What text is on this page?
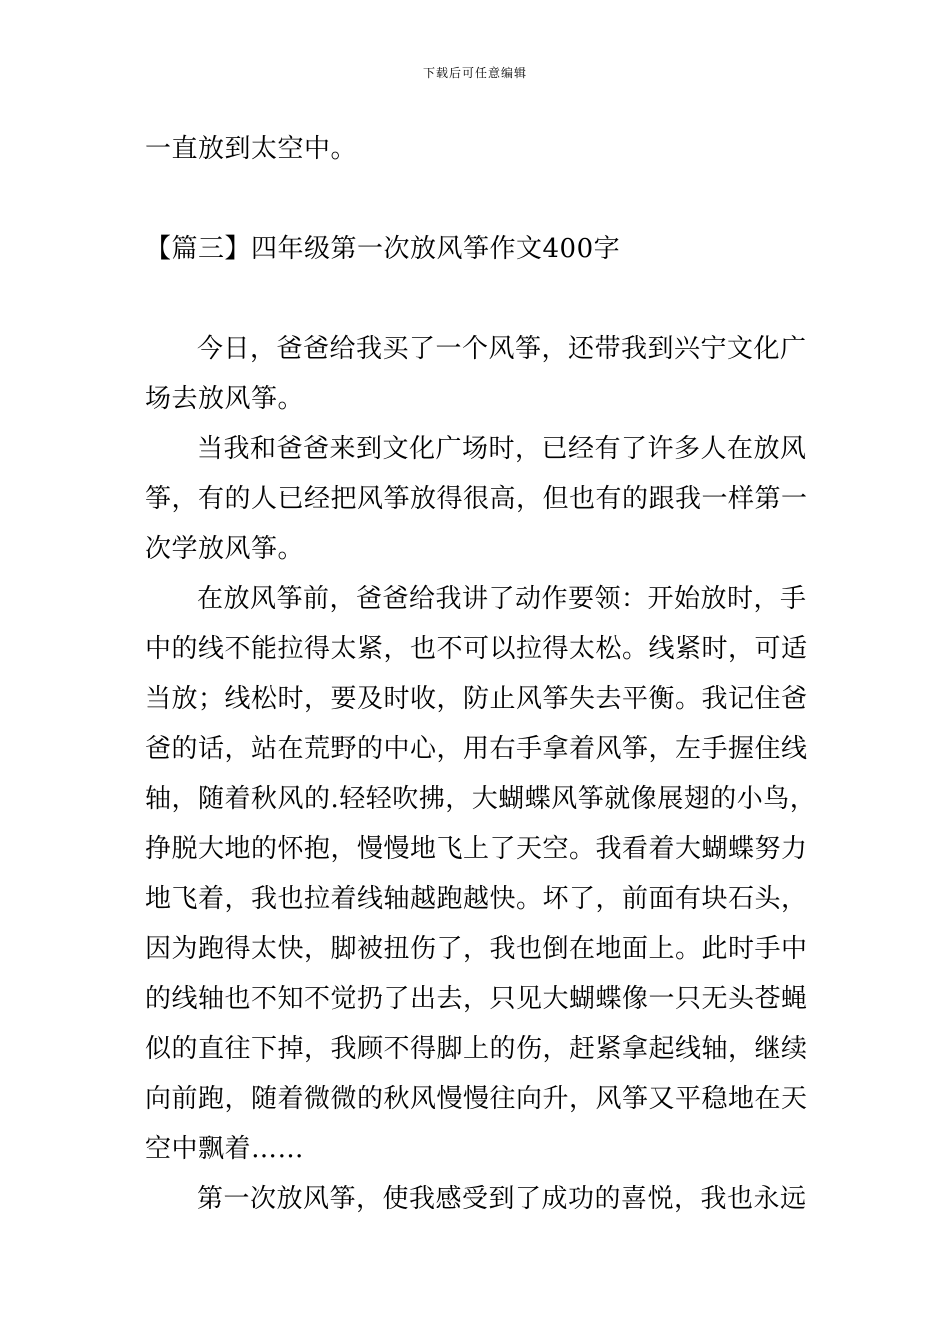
下载后可任意编辑
一直放到太空中。
【篇三】四年级第一次放风筝作文400字
今日，爸爸给我买了一个风筝，还带我到兴宁文化广
场去放风筝。
当我和爸爸来到文化广场时，已经有了许多人在放风
筝，有的人已经把风筝放得很高，但也有的跟我一样第一
次学放风筝。
在放风筝前，爸爸给我讲了动作要领：开始放时，手
中的线不能拉得太紧，也不可以拉得太松。线紧时，可适
当放；线松时，要及时收，防止风筝失去平衡。我记住爸
爸的话，站在荒野的中心，用右手拿着风筝，左手握住线
轴，随着秋风的.轻轻吹拂，大蝴蝶风筝就像展翅的小鸟，
挣脱大地的怀抱，慢慢地飞上了天空。我看着大蝴蝶努力
地飞着，我也拉着线轴越跑越快。坏了，前面有块石头，
因为跑得太快，脚被扭伤了，我也倒在地面上。此时手中
的线轴也不知不觉扔了出去，只见大蝴蝶像一只无头苍蝇
似的直往下掉，我顾不得脚上的伤，赶紧拿起线轴，继续
向前跑，随着微微的秋风慢慢往向升，风筝又平稳地在天
空中飘着……
第一次放风筝，使我感受到了成功的喜悦，我也永远
